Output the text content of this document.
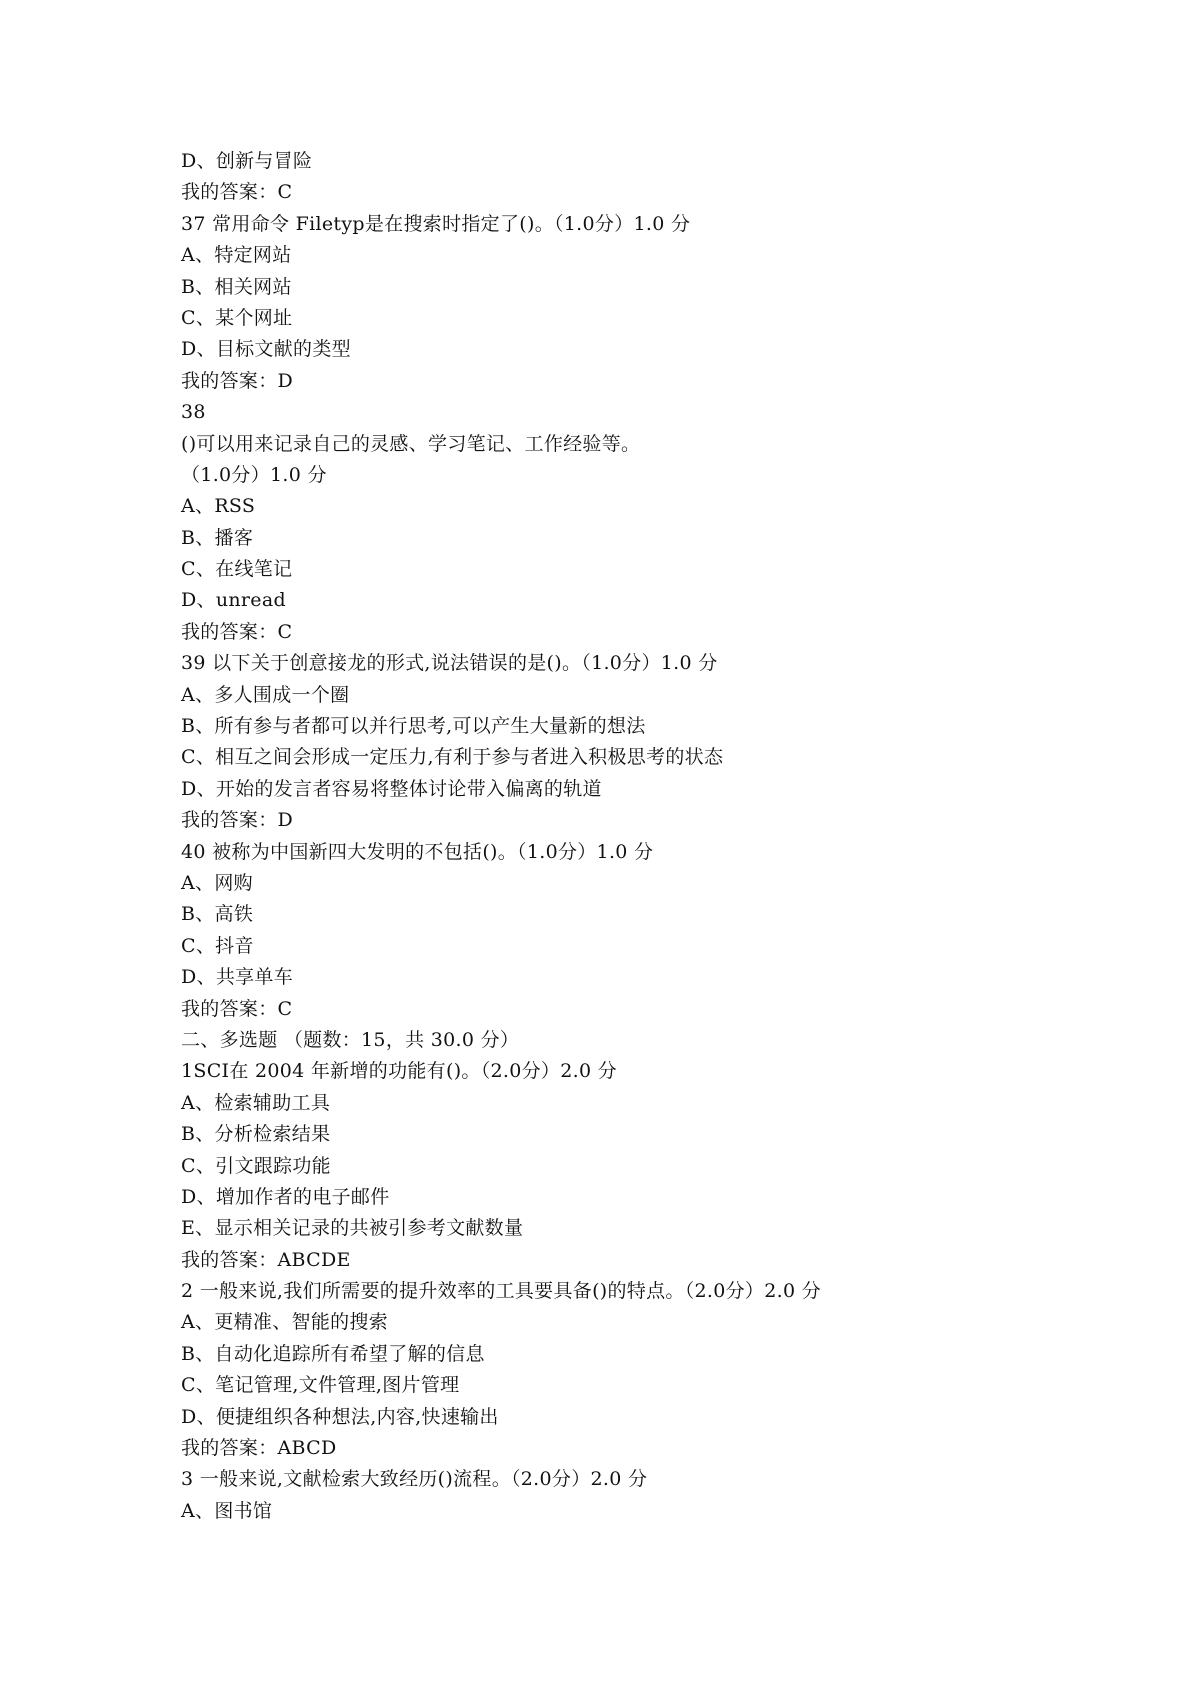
D、创新与冒险
我的答案：C
37 常用命令 Filetyp是在搜索时指定了()。（1.0分）1.0 分
A、特定网站
B、相关网站
C、某个网址
D、目标文献的类型
我的答案：D
38
()可以用来记录自己的灵感、学习笔记、工作经验等。
（1.0分）1.0 分
A、RSS
B、播客
C、在线笔记
D、unread
我的答案：C
39 以下关于创意接龙的形式,说法错误的是()。（1.0分）1.0 分
A、多人围成一个圈
B、所有参与者都可以并行思考,可以产生大量新的想法
C、相互之间会形成一定压力,有利于参与者进入积极思考的状态
D、开始的发言者容易将整体讨论带入偏离的轨道
我的答案：D
40 被称为中国新四大发明的不包括()。（1.0分）1.0 分
A、网购
B、高铁
C、抖音
D、共享单车
我的答案：C
二、多选题 （题数：15，共 30.0 分）
1SCI在 2004 年新增的功能有()。（2.0分）2.0 分
A、检索辅助工具
B、分析检索结果
C、引文跟踪功能
D、增加作者的电子邮件
E、显示相关记录的共被引参考文献数量
我的答案：ABCDE
2 一般来说,我们所需要的提升效率的工具要具备()的特点。（2.0分）2.0 分
A、更精准、智能的搜索
B、自动化追踪所有希望了解的信息
C、笔记管理,文件管理,图片管理
D、便捷组织各种想法,内容,快速输出
我的答案：ABCD
3 一般来说,文献检索大致经历()流程。（2.0分）2.0 分
A、图书馆
